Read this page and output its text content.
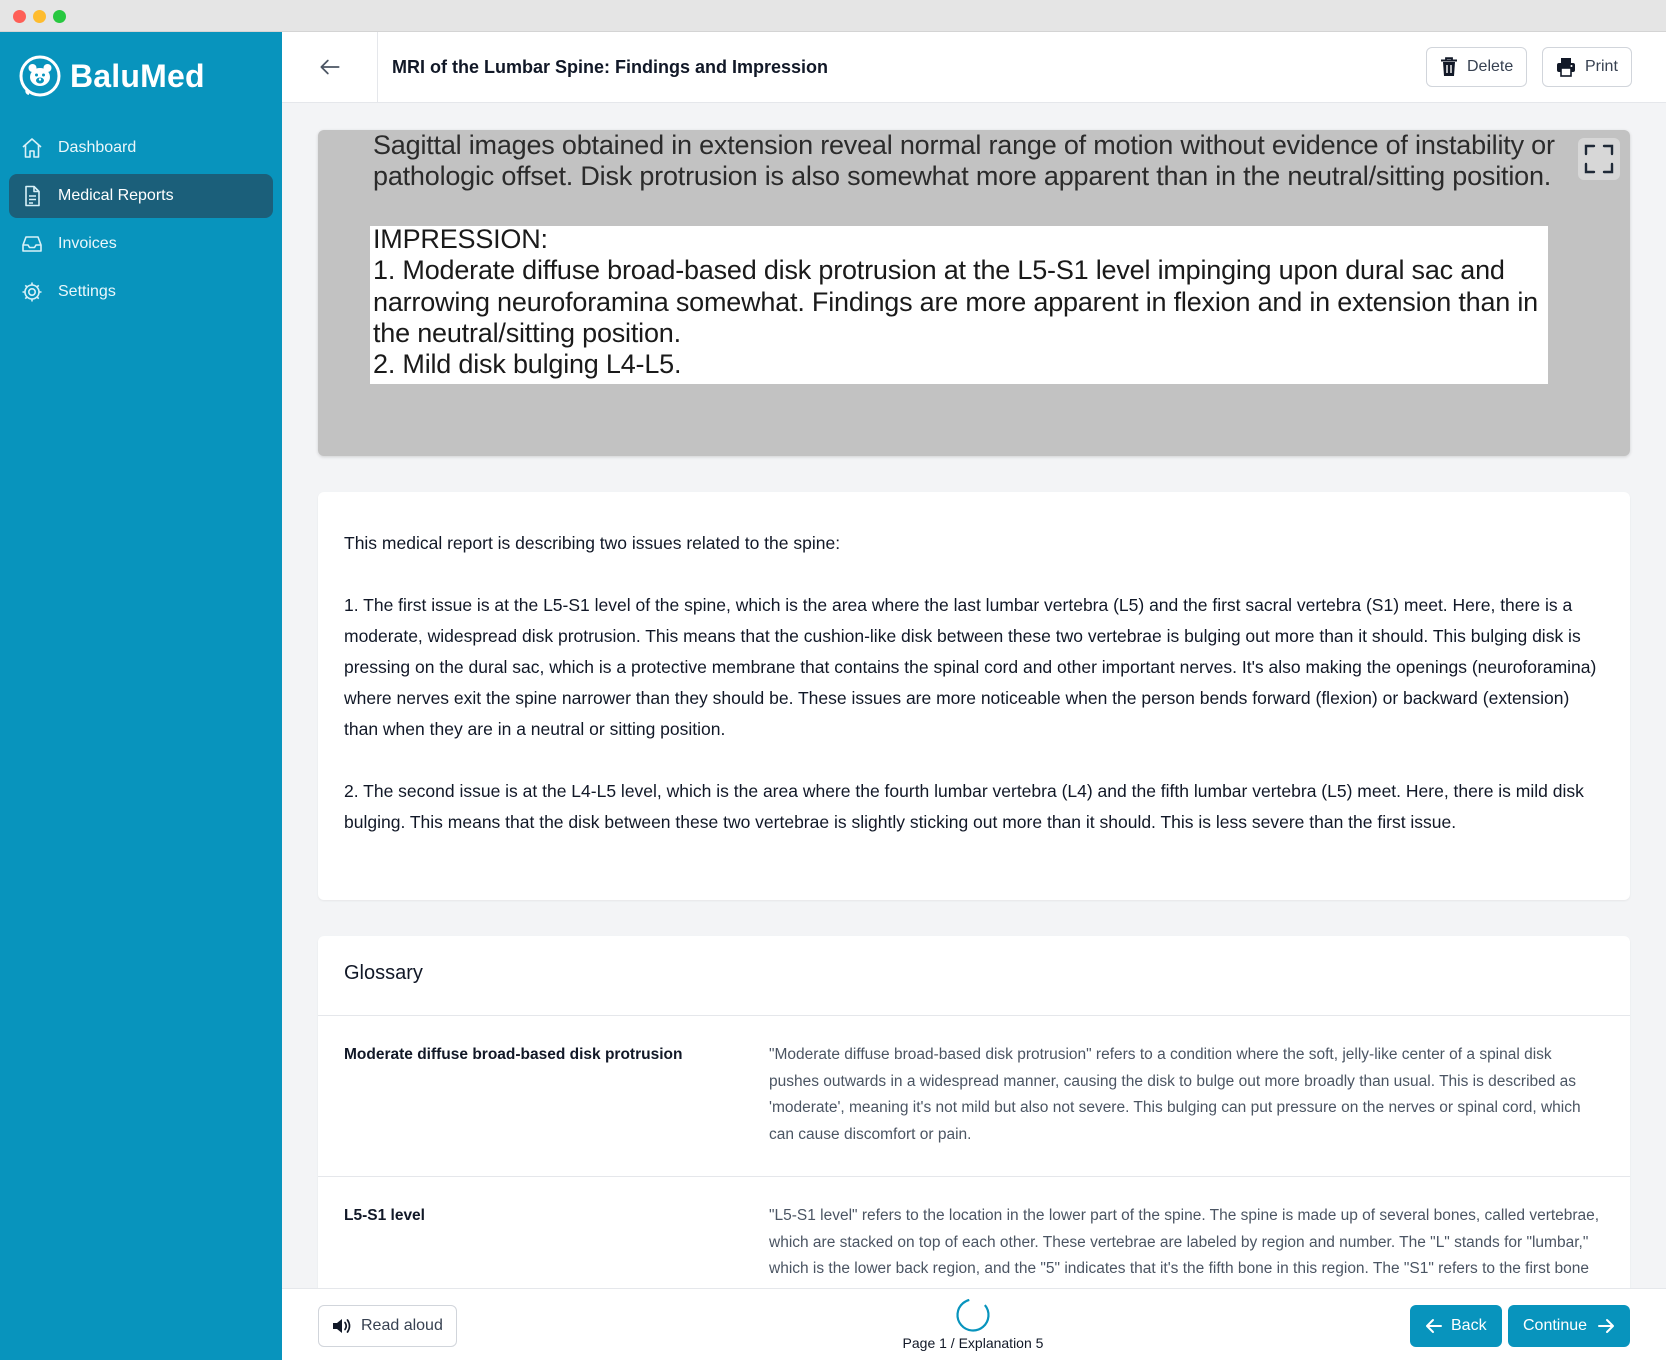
BaluMed
Dashboard
Medical Reports
Invoices
Settings
MRI of the Lumbar Spine: Findings and Impression	Delete	Print
Sagittal images obtained in extension reveal normal range of motion without evidence of instability or
pathologic offset. Disk protrusion is also somewhat more apparent than in the neutral/sitting position.
IMPRESSION:
1. Moderate diffuse broad-based disk protrusion at the L5-S1 level impinging upon dural sac and
narrowing neuroforamina somewhat. Findings are more apparent in flexion and in extension than in
the neutral/sitting position.
2. Mild disk bulging L4-L5.

This medical report is describing two issues related to the spine:

1. The first issue is at the L5-S1 level of the spine, which is the area where the last lumbar vertebra (L5) and the first sacral vertebra (S1) meet. Here, there is a moderate, widespread disk protrusion. This means that the cushion-like disk between these two vertebrae is bulging out more than it should. This bulging disk is pressing on the dural sac, which is a protective membrane that contains the spinal cord and other important nerves. It's also making the openings (neuroforamina) where nerves exit the spine narrower than they should be. These issues are more noticeable when the person bends forward (flexion) or backward (extension) than when they are in a neutral or sitting position.

2. The second issue is at the L4-L5 level, which is the area where the fourth lumbar vertebra (L4) and the fifth lumbar vertebra (L5) meet. Here, there is mild disk bulging. This means that the disk between these two vertebrae is slightly sticking out more than it should. This is less severe than the first issue.

Glossary
Moderate diffuse broad-based disk protrusion	"Moderate diffuse broad-based disk protrusion" refers to a condition where the soft, jelly-like center of a spinal disk pushes outwards in a widespread manner, causing the disk to bulge out more broadly than usual. This is described as 'moderate', meaning it's not mild but also not severe. This bulging can put pressure on the nerves or spinal cord, which can cause discomfort or pain.
L5-S1 level	"L5-S1 level" refers to the location in the lower part of the spine. The spine is made up of several bones, called vertebrae, which are stacked on top of each other. These vertebrae are labeled by region and number. The "L" stands for "lumbar," which is the lower back region, and the "5" indicates that it's the fifth bone in this region. The "S1" refers to the first bone
Read aloud
Page 1 / Explanation 5
Back Continue
